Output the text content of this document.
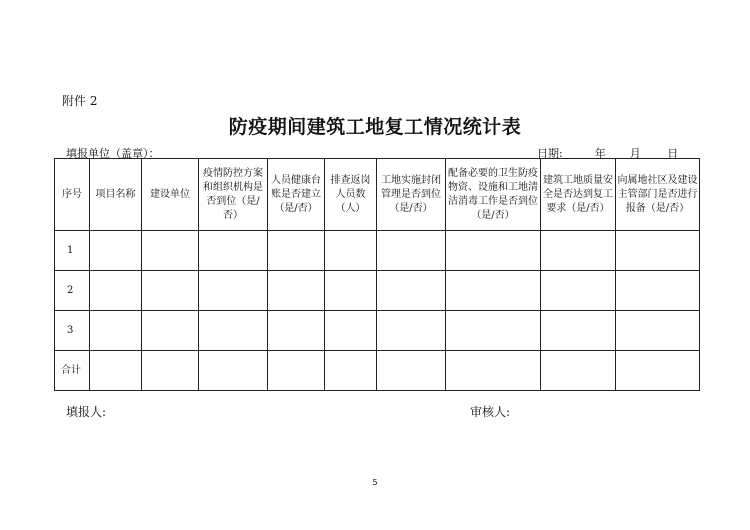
附件 2
防疫期间建筑工地复工情况统计表
填报单位（盖章）：	日期:	年 月 日
序号	项目名称	建设单位	疫情防控方案和组织机构是否到位（是/否）	人员健康台账是否建立（是/否）	排查返岗人员数（人）	工地实施封闭管理是否到位（是/否）	配备必要的卫生防疫物资、设施和工地清洁消毒工作是否到位（是/否）	建筑工地质量安全是否达到复工要求（是/否）	向属地社区及建设主管部门是否进行报备（是/否）
1									
2									
3									
合计									
填报人:	审核人:
5
